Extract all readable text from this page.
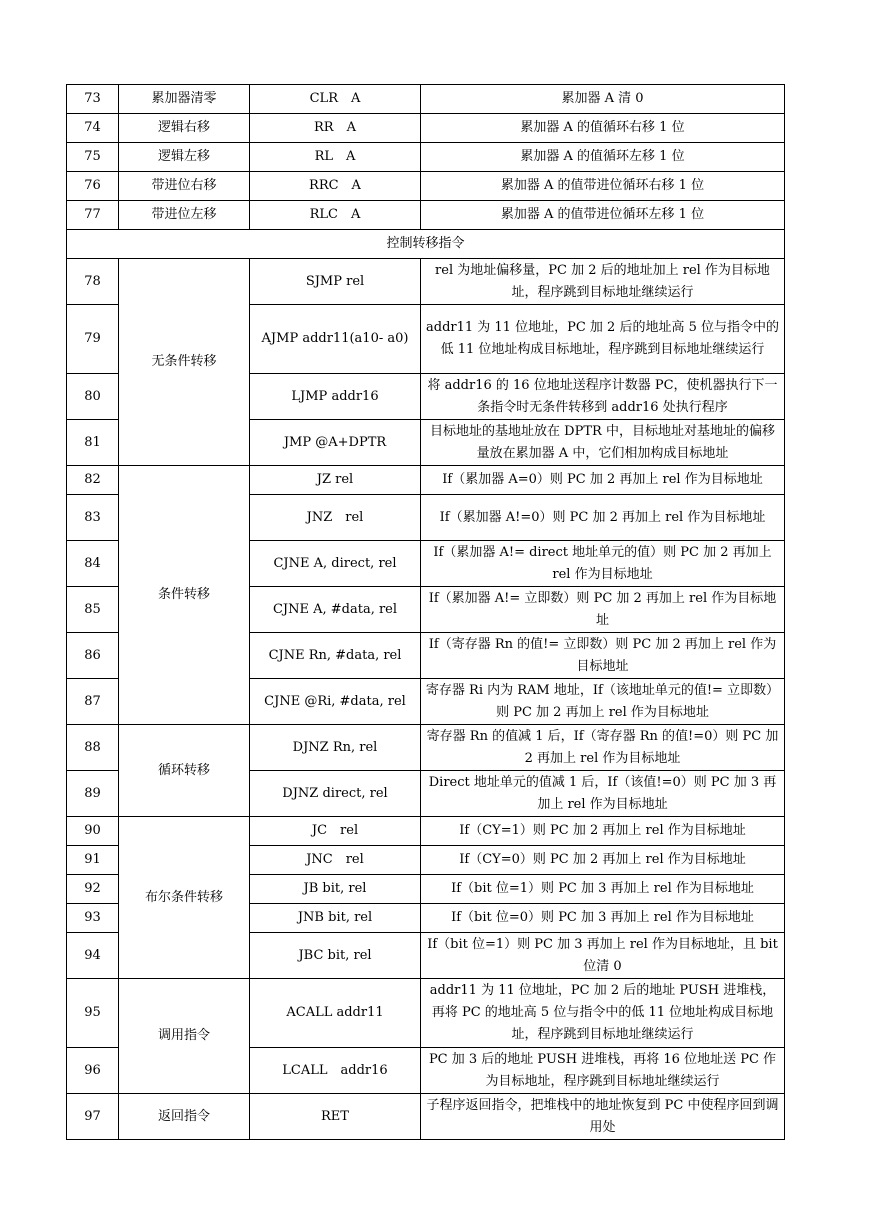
73	累加器清零	CLR　A	累加器 A 清 0
74	逻辑右移	RR　A	累加器 A 的值循环右移 1 位
75	逻辑左移	RL　A	累加器 A 的值循环左移 1 位
76	带进位右移	RRC　A	累加器 A 的值带进位循环右移 1 位
77	带进位左移	RLC　A	累加器 A 的值带进位循环左移 1 位
控制转移指令			
78	无条件转移	SJMP rel	rel 为地址偏移量，PC 加 2 后的地址加上 rel 作为目标地址，程序跳到目标地址继续运行
79		AJMP addr11(a10- a0)	addr11 为 11 位地址，PC 加 2 后的地址高 5 位与指令中的低 11 位地址构成目标地址，程序跳到目标地址继续运行
80		LJMP addr16	将 addr16 的 16 位地址送程序计数器 PC，使机器执行下一条指令时无条件转移到 addr16 处执行程序
81		JMP @A+DPTR	目标地址的基地址放在 DPTR 中，目标地址对基地址的偏移量放在累加器 A 中，它们相加构成目标地址
82	条件转移	JZ rel	If（累加器 A=0）则 PC 加 2 再加上 rel 作为目标地址
83		JNZ　rel	If（累加器 A!=0）则 PC 加 2 再加上 rel 作为目标地址
84		CJNE A, direct, rel	If（累加器 A!= direct 地址单元的值）则 PC 加 2 再加上 rel 作为目标地址
85		CJNE A, #data, rel	If（累加器 A!= 立即数）则 PC 加 2 再加上 rel 作为目标地址
86		CJNE Rn, #data, rel	If（寄存器 Rn 的值!= 立即数）则 PC 加 2 再加上 rel 作为目标地址
87		CJNE @Ri, #data, rel	寄存器 Ri 内为 RAM 地址，If（该地址单元的值!= 立即数）则 PC 加 2 再加上 rel 作为目标地址
88	循环转移	DJNZ Rn, rel	寄存器 Rn 的值减 1 后，If（寄存器 Rn 的值!=0）则 PC 加 2 再加上 rel 作为目标地址
89		DJNZ direct, rel	Direct 地址单元的值减 1 后，If（该值!=0）则 PC 加 3 再加上 rel 作为目标地址
90	布尔条件转移	JC　rel	If（CY=1）则 PC 加 2 再加上 rel 作为目标地址
91		JNC　rel	If（CY=0）则 PC 加 2 再加上 rel 作为目标地址
92		JB bit, rel	If（bit 位=1）则 PC 加 3 再加上 rel 作为目标地址
93		JNB bit, rel	If（bit 位=0）则 PC 加 3 再加上 rel 作为目标地址
94		JBC bit, rel	If（bit 位=1）则 PC 加 3 再加上 rel 作为目标地址，且 bit 位清 0
95	调用指令	ACALL addr11	addr11 为 11 位地址，PC 加 2 后的地址 PUSH 进堆栈，再将 PC 的地址高 5 位与指令中的低 11 位地址构成目标地址，程序跳到目标地址继续运行
96		LCALL　addr16	PC 加 3 后的地址 PUSH 进堆栈，再将 16 位地址送 PC 作为目标地址，程序跳到目标地址继续运行
97	返回指令	RET	子程序返回指令，把堆栈中的地址恢复到 PC 中使程序回到调用处
